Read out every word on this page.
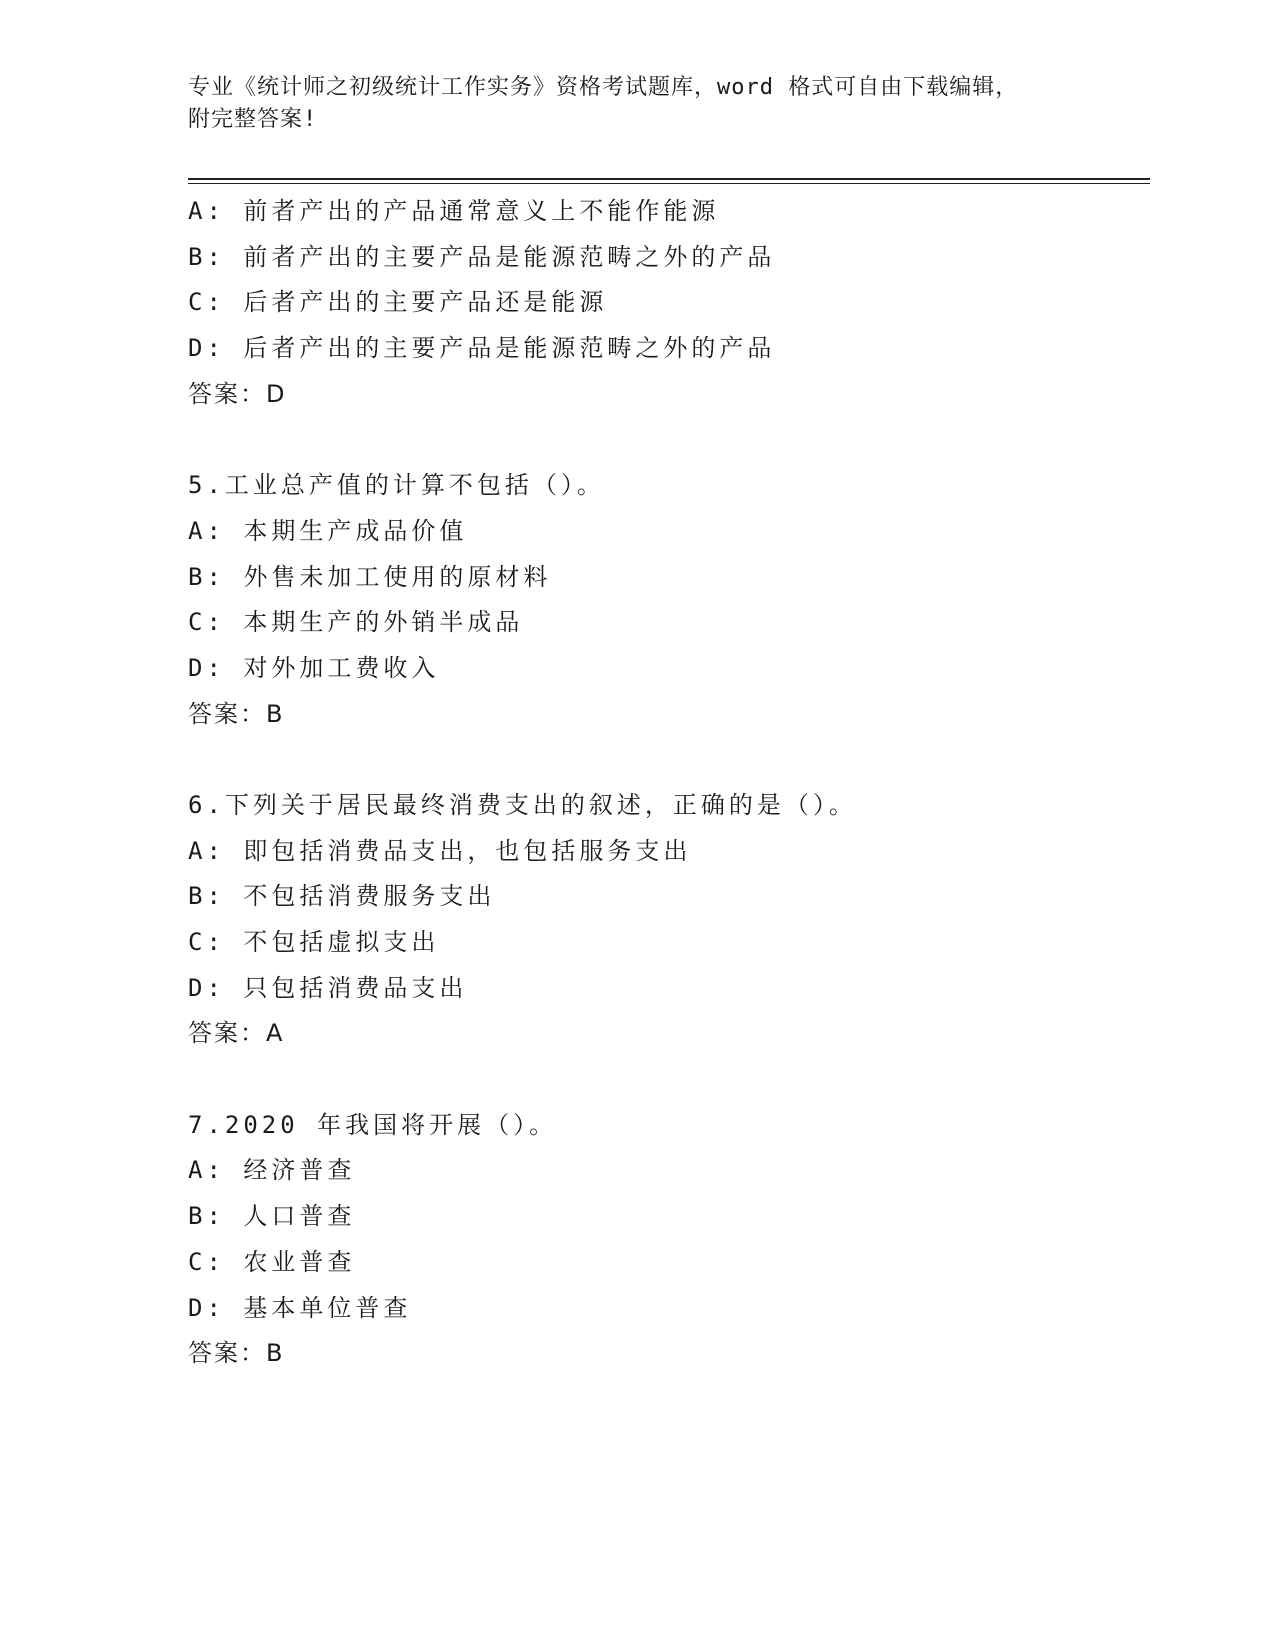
专业《统计师之初级统计工作实务》资格考试题库，word 格式可自由下载编辑，
附完整答案!
A: 前者产出的产品通常意义上不能作能源
B: 前者产出的主要产品是能源范畴之外的产品
C: 后者产出的主要产品还是能源
D: 后者产出的主要产品是能源范畴之外的产品
答案：D
5.工业总产值的计算不包括（）。
A: 本期生产成品价值
B: 外售未加工使用的原材料
C: 本期生产的外销半成品
D: 对外加工费收入
答案：B
6.下列关于居民最终消费支出的叙述，正确的是（）。
A: 即包括消费品支出，也包括服务支出
B: 不包括消费服务支出
C: 不包括虚拟支出
D: 只包括消费品支出
答案：A
7.2020 年我国将开展（）。
A: 经济普查
B: 人口普查
C: 农业普查
D: 基本单位普查
答案：B
